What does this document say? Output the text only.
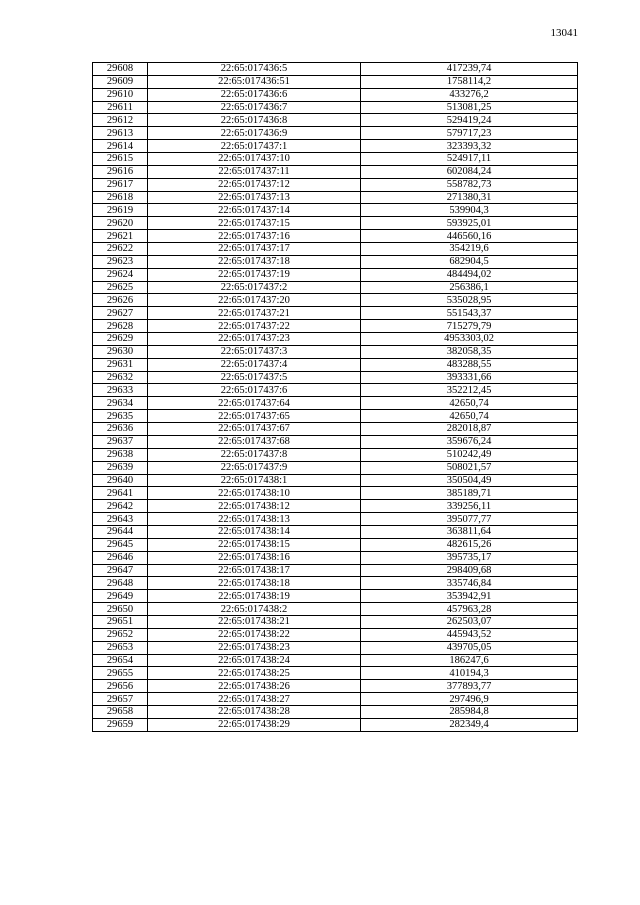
13041
29608	22:65:017436:5	417239,74
29609	22:65:017436:51	1758114,2
29610	22:65:017436:6	433276,2
29611	22:65:017436:7	513081,25
29612	22:65:017436:8	529419,24
29613	22:65:017436:9	579717,23
29614	22:65:017437:1	323393,32
29615	22:65:017437:10	524917,11
29616	22:65:017437:11	602084,24
29617	22:65:017437:12	558782,73
29618	22:65:017437:13	271380,31
29619	22:65:017437:14	539904,3
29620	22:65:017437:15	593925,01
29621	22:65:017437:16	446560,16
29622	22:65:017437:17	354219,6
29623	22:65:017437:18	682904,5
29624	22:65:017437:19	484494,02
29625	22:65:017437:2	256386,1
29626	22:65:017437:20	535028,95
29627	22:65:017437:21	551543,37
29628	22:65:017437:22	715279,79
29629	22:65:017437:23	4953303,02
29630	22:65:017437:3	382058,35
29631	22:65:017437:4	483288,55
29632	22:65:017437:5	393331,66
29633	22:65:017437:6	352212,45
29634	22:65:017437:64	42650,74
29635	22:65:017437:65	42650,74
29636	22:65:017437:67	282018,87
29637	22:65:017437:68	359676,24
29638	22:65:017437:8	510242,49
29639	22:65:017437:9	508021,57
29640	22:65:017438:1	350504,49
29641	22:65:017438:10	385189,71
29642	22:65:017438:12	339256,11
29643	22:65:017438:13	395077,77
29644	22:65:017438:14	363811,64
29645	22:65:017438:15	482615,26
29646	22:65:017438:16	395735,17
29647	22:65:017438:17	298409,68
29648	22:65:017438:18	335746,84
29649	22:65:017438:19	353942,91
29650	22:65:017438:2	457963,28
29651	22:65:017438:21	262503,07
29652	22:65:017438:22	445943,52
29653	22:65:017438:23	439705,05
29654	22:65:017438:24	186247,6
29655	22:65:017438:25	410194,3
29656	22:65:017438:26	377893,77
29657	22:65:017438:27	297496,9
29658	22:65:017438:28	285984,8
29659	22:65:017438:29	282349,4
